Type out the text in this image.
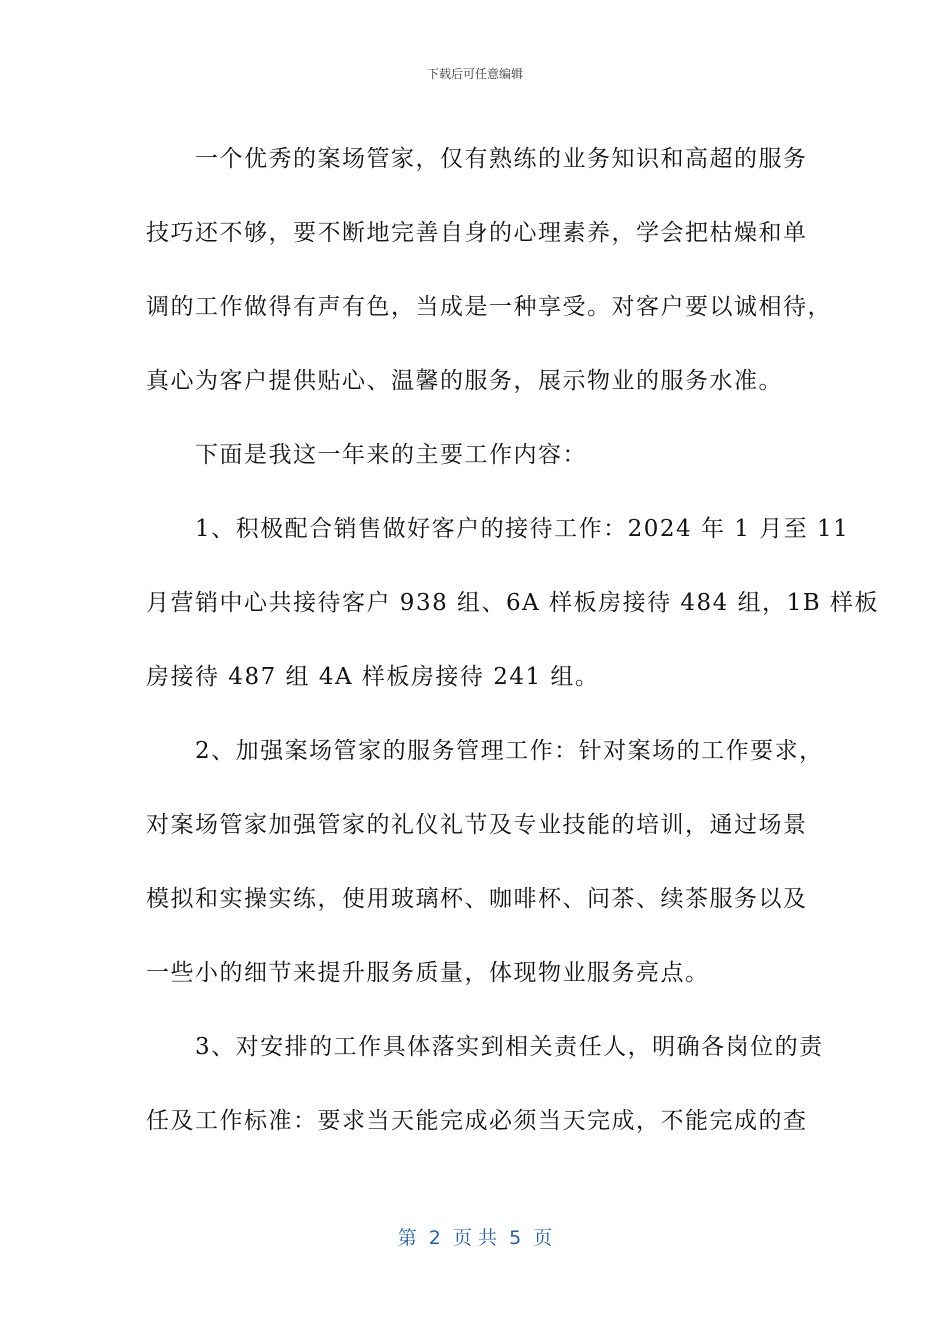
下载后可任意编辑

　　一个优秀的案场管家，仅有熟练的业务知识和高超的服务

技巧还不够，要不断地完善自身的心理素养，学会把枯燥和单

调的工作做得有声有色，当成是一种享受。对客户要以诚相待，

真心为客户提供贴心、温馨的服务，展示物业的服务水准。

　　下面是我这一年来的主要工作内容：

　　1、积极配合销售做好客户的接待工作：2024 年 1 月至 11

月营销中心共接待客户 938 组、6A 样板房接待 484 组，1B 样板

房接待 487 组 4A 样板房接待 241 组。

　　2、加强案场管家的服务管理工作：针对案场的工作要求，

对案场管家加强管家的礼仪礼节及专业技能的培训，通过场景

模拟和实操实练，使用玻璃杯、咖啡杯、问茶、续茶服务以及

一些小的细节来提升服务质量，体现物业服务亮点。

　　3、对安排的工作具体落实到相关责任人，明确各岗位的责

任及工作标准：要求当天能完成必须当天完成，不能完成的查

第  2  页 共  5  页
